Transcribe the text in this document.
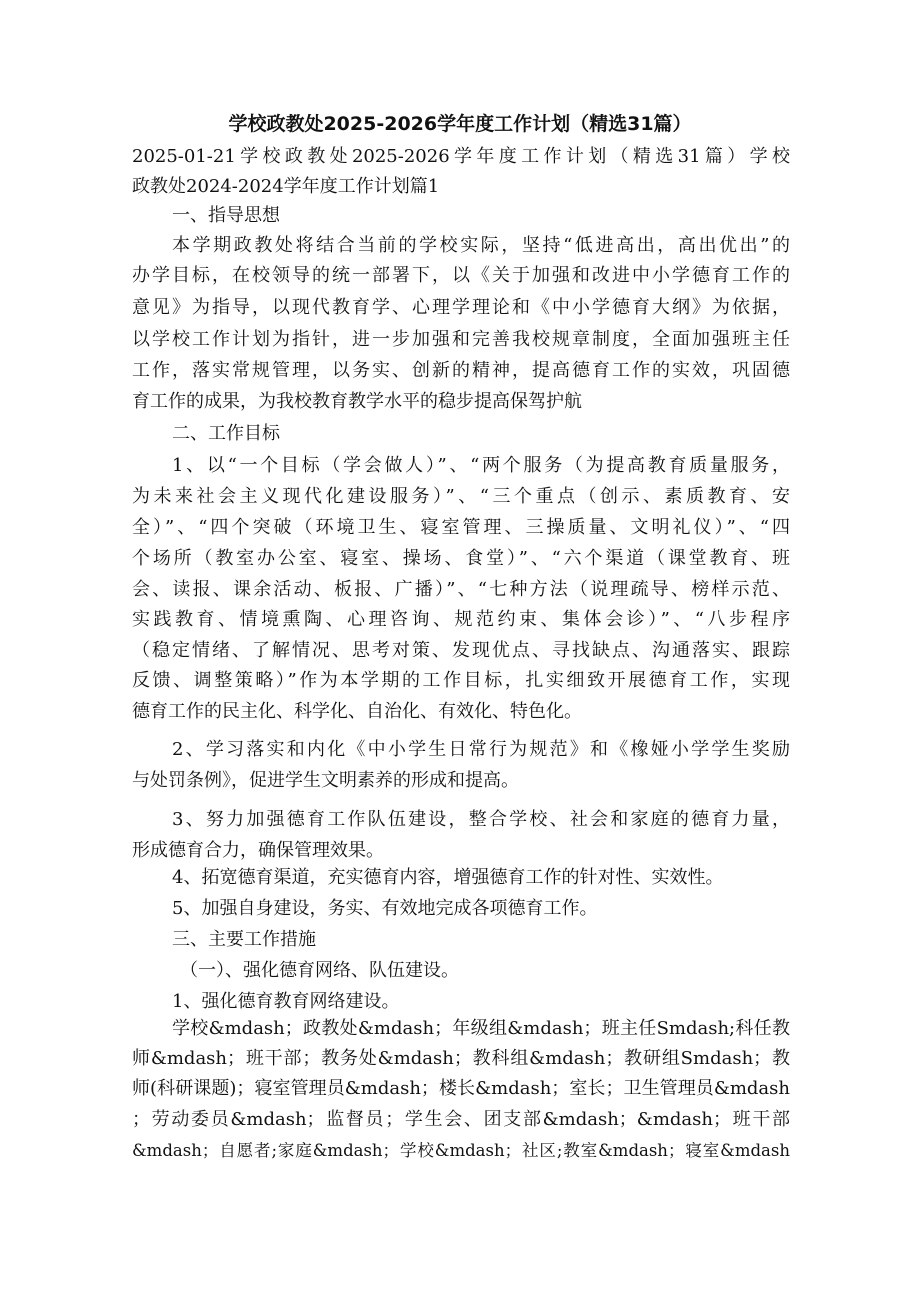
学校政教处2025-2026学年度工作计划（精选31篇）

2025-01-21学校政教处2025-2026学年度工作计划（精选31篇）学校

政教处2024-2024学年度工作计划篇1

一、指导思想

本学期政教处将结合当前的学校实际，坚持“低进高出，高出优出”的

办学目标，在校领导的统一部署下，以《关于加强和改进中小学德育工作的

意见》为指导，以现代教育学、心理学理论和《中小学德育大纲》为依据，

以学校工作计划为指针，进一步加强和完善我校规章制度，全面加强班主任

工作，落实常规管理，以务实、创新的精神，提高德育工作的实效，巩固德

育工作的成果，为我校教育教学水平的稳步提高保驾护航

二、工作目标

1、以“一个目标（学会做人）”、“两个服务（为提高教育质量服务，

为未来社会主义现代化建设服务）”、“三个重点（创示、素质教育、安

全）”、“四个突破（环境卫生、寝室管理、三操质量、文明礼仪）”、“四

个场所（教室办公室、寝室、操场、食堂）”、“六个渠道（课堂教育、班

会、读报、课余活动、板报、广播）”、“七种方法（说理疏导、榜样示范、

实践教育、情境熏陶、心理咨询、规范约束、集体会诊）”、“八步程序

（稳定情绪、了解情况、思考对策、发现优点、寻找缺点、沟通落实、跟踪

反馈、调整策略）”作为本学期的工作目标，扎实细致开展德育工作，实现

德育工作的民主化、科学化、自治化、有效化、特色化。

2、学习落实和内化《中小学生日常行为规范》和《橡娅小学学生奖励

与处罚条例》，促进学生文明素养的形成和提高。

3、努力加强德育工作队伍建设，整合学校、社会和家庭的德育力量，

形成德育合力，确保管理效果。

4、拓宽德育渠道，充实德育内容，增强德育工作的针对性、实效性。

5、加强自身建设，务实、有效地完成各项德育工作。

三、主要工作措施

（一）、强化德育网络、队伍建设。

1、强化德育教育网络建设。

学校&mdash；政教处&mdash；年级组&mdash；班主任Smdash;科任教

师&mdash；班干部；教务处&mdash；教科组&mdash；教研组Smdash；教

师(科研课题)；寝室管理员&mdash；楼长&mdash；室长；卫生管理员&mdash

；劳动委员&mdash；监督员；学生会、团支部&mdash；&mdash；班干部

&mdash；自愿者;家庭&mdash；学校&mdash；社区;教室&mdash；寝室&mdash
